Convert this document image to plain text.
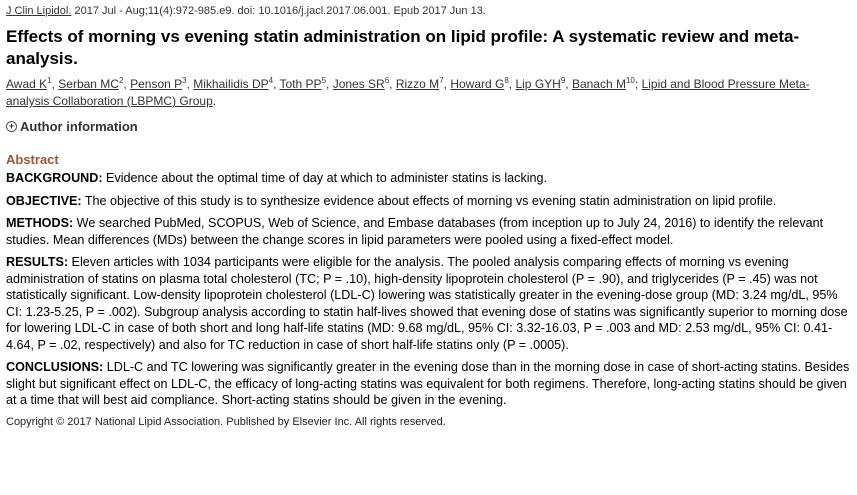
J Clin Lipidol. 2017 Jul - Aug;11(4):972-985.e9. doi: 10.1016/j.jacl.2017.06.001. Epub 2017 Jun 13.

Effects of morning vs evening statin administration on lipid profile: A systematic review and meta-analysis.
Awad $K^1$, Serban $MC^2$, Penson $P^3$, Mikhailidis $DP^4$, Toth $PP^5$, Jones $SR^6$, Rizzo $M^7$, Howard $G^8$, Lip GYH$^9$, Banach $M^{10}$; Lipid and Blood Pressure Meta-analysis Collaboration (LBPMC) Group.
+ Author information
Abstract

BACKGROUND: Evidence about the optimal time of day at which to administer statins is lacking.

OBJECTIVE: The objective of this study is to synthesize evidence about effects of morning vs evening statin administration on lipid profile.

METHODS: We searched PubMed, SCOPUS, Web of Science, and Embase databases (from inception up to July 24, 2016) to identify the relevant studies. Mean differences (MDs) between the change scores in lipid parameters were pooled using a fixed-effect model.

RESULTS: Eleven articles with 1034 participants were eligible for the analysis. The pooled analysis comparing effects of morning vs evening administration of statins on plasma total cholesterol (TC; P = .10), high-density lipoprotein cholesterol (P = .90), and triglycerides (P = .45) was not statistically significant. Low-density lipoprotein cholesterol (LDL-C) lowering was statistically greater in the evening-dose group (MD: 3.24 mg/dL, 95% CI: 1.23-5.25, P = .002). Subgroup analysis according to statin half-lives showed that evening dose of statins was significantly superior to morning dose for lowering LDL-C in case of both short and long half-life statins (MD: 9.68 mg/dL, 95% CI: 3.32-16.03, P = .003 and MD: 2.53 mg/dL, 95% CI: 0.41-4.64, P = .02, respectively) and also for TC reduction in case of short half-life statins only (P = .0005).

CONCLUSIONS: LDL-C and TC lowering was significantly greater in the evening dose than in the morning dose in case of short-acting statins. Besides slight but significant effect on LDL-C, the efficacy of long-acting statins was equivalent for both regimens. Therefore, long-acting statins should be given at a time that will best aid compliance. Short-acting statins should be given in the evening.

Copyright © 2017 National Lipid Association. Published by Elsevier Inc. All rights reserved.
